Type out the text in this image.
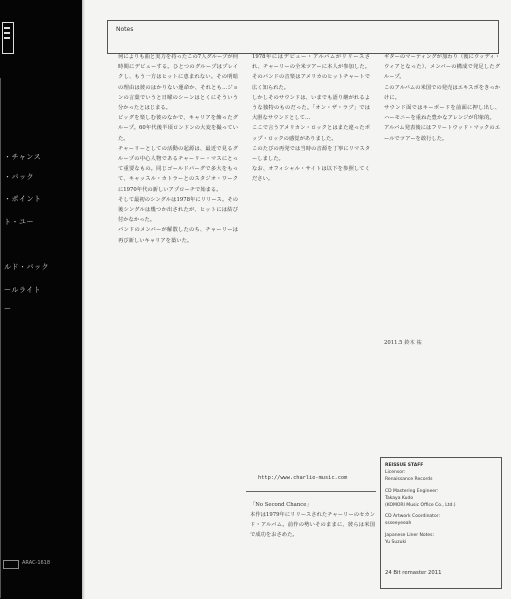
・チャンス
・バック
・ポイント
ト・ユー
ルド・バック
ールライト
ー
ARAC-1618
Notes

何によりも曲と実力を持ったこの7人グループが何時間にデビューする。ひとつのグループはプレイクし、もう一方はヒットに恵まれない。その明暗の理由は彼のはかりない運命か、それとも...ジョンの言葉でいうと日曜のシーンはとくにそういう分かったとはじまる。

ビッグを楽しむ彼のなかで、キャリアを飾ったグループ。60年代後半頃ロンドンの大変を撮っていた。

チャーリーとしての活動の起源は、最近で見るグループの中心人物であるチャーリー・マスにとって重要なもの。同じゴールドバーグで多大をもって、キャッスル・カトラーとのスタジオ・ワークに1970年代の新しいアプローチで始まる。

そして最初のシングルは1978年にリリース。その後シングルは幾つか出されたが、ヒットには結び付かなかった。

バンドのメンバーが解散したのち、チャーリーは再び新しいキャリアを築いた。

1978年にはデビュー・アルバムがリリースされ、チャーリーの全米ツアーに本人が参加した。そのバンドの音楽はアメリカのヒットチャートで広く知られた。

しかしそのサウンドは、いまでも語り継がれるような独特のものだった。「オン・ザ・ラブ」では大胆なサウンドとして...

ここで言うアメリカン・ロックとはまた違ったポップ・ロックの感覚がありました。

このたびの再発では当時の音源を丁寧にリマスターしました。

なお、オフィシャル・サイトは以下を参照してください。

http://www.charlie-music.com
「No Second Chance」
本作は1979年にリリースされたチャーリーのセカンド・アルバム。前作の勢いそのままに、彼らは米国で成功をおさめた。

ギターのマーティングが加わり（後にウッディ・ウィアとなった）、メンバーの構成で発足したグループ。

このアルバムの米国での発売はエキスポをきっかけに。

サウンド面ではキーボードを前面に押し出し、ハーモニーを重ねた豊かなアレンジが印象的。

アルバム発表後にはフリートウッド・マックのエールでツアーを敢行した。

2011.5 鈴木 祐
REISSUE STAFF
Licensor:
Renaissance Records
CD Mastering Engineer:
Takaya Kudo
(KOMORI Music Office Co., Ltd.)
CD Artwork Coordinator:
ssseeyeeah
Japanese Liner Notes:
Yu Suzuki
24 Bit remaster 2011
